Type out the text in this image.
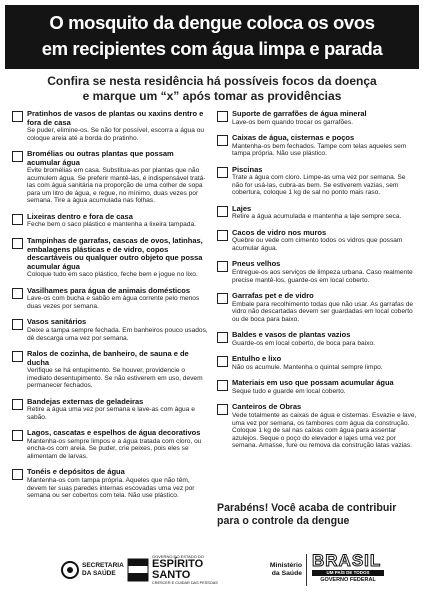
O mosquito da dengue coloca os ovos
em recipientes com água limpa e parada
Confira se nesta residência há possíveis focos da doença
e marque um “x” após tomar as providências
Pratinhos de vasos de plantas ou xaxins dentro e fora de casa
Se puder, elimine-os. Se não for possível, escorra a água ou coloque areia até a borda do pratinho.
Bromélias ou outras plantas que possam acumular água
Evite bromélias em casa. Substitua-as por plantas que não acumulem água. Se preferir mantê-las, é indispensável tratá-las com água sanitária na proporção de uma colher de sopa para um litro de água, e regue, no mínimo, duas vezes por semana. Tire a água acumulada nas folhas.
Lixeiras dentro e fora de casa
Feche bem o saco plástico e mantenha a lixeira tampada.
Tampinhas de garrafas, cascas de ovos, latinhas, embalagens plásticas e de vidro, copos descartáveis ou qualquer outro objeto que possa acumular água
Coloque tudo em saco plástico, feche bem e jogue no lixo.
Vasilhames para água de animais domésticos
Lave-os com bucha e sabão em água corrente pelo menos duas vezes por semana.
Vasos sanitários
Deixe a tampa sempre fechada. Em banheiros pouco usados, dê descarga uma vez por semana.
Ralos de cozinha, de banheiro, de sauna e de ducha
Verifique se há entupimento. Se houver, providencie o imediato desentupimento. Se não estiverem em uso, devem permanecer fechados.
Bandejas externas de geladeiras
Retire a água uma vez por semana e lave-as com água e sabão.
Lagos, cascatas e espelhos de água decorativos
Mantenha-os sempre limpos e a água tratada com cloro, ou encha-os com areia. Se puder, crie peixes, pois eles se alimentam de larvas.
Tonéis e depósitos de água
Mantenha-os com tampa própria. Aqueles que não têm, devem ter suas paredes internas escovadas uma vez por semana ou ser cobertos com tela. Não use plástico.
Suporte de garrafões de água mineral
Lave-os bem quando trocar os garrafões.
Caixas de água, cisternas e poços
Mantenha-os bem fechados. Tampe com telas aqueles sem tampa própria. Não use plástico.
Piscinas
Trate a água com cloro. Limpe-as uma vez por semana. Se não for usá-las, cubra-as bem. Se estiverem vazias, sem cobertura, coloque 1 kg de sal no ponto mais raso.
Lajes
Retire a água acumulada e mantenha a laje sempre seca.
Cacos de vidro nos muros
Quebre ou vede com cimento todos os vidros que possam acumular água.
Pneus velhos
Entregue-os aos serviços de limpeza urbana. Caso realmente precise mantê-los, guarde-os em local coberto.
Garrafas pet e de vidro
Embale para recolhimento todas que não usar. As garrafas de vidro não descartadas devem ser guardadas em local coberto ou de boca para baixo.
Baldes e vasos de plantas vazios
Guarde-os em local coberto, de boca para baixo.
Entulho e lixo
Não os acumule. Mantenha o quintal sempre limpo.
Materiais em uso que possam acumular água
Seque tudo e guarde em local coberto.
Canteiros de Obras
Vede totalmente as caixas de água e cisternas. Esvazie e lave, uma vez por semana, os tambores com água da construção. Coloque 1 kg de sal nas caixas com água para assentar azulejos. Seque o poço do elevador e lajes uma vez por semana. Amasse, fure ou remova da construção latas vazias.
Parabéns! Você acaba de contribuir
para o controle da dengue
SECRETARIA
DA SAÚDE
GOVERNO DO ESTADO DO
ESPÍRITO
SANTO
CRESCER E CUIDAR DAS PESSOAS
Ministério
da Saúde
BRASIL
UM PAÍS DE TODOS
GOVERNO FEDERAL
